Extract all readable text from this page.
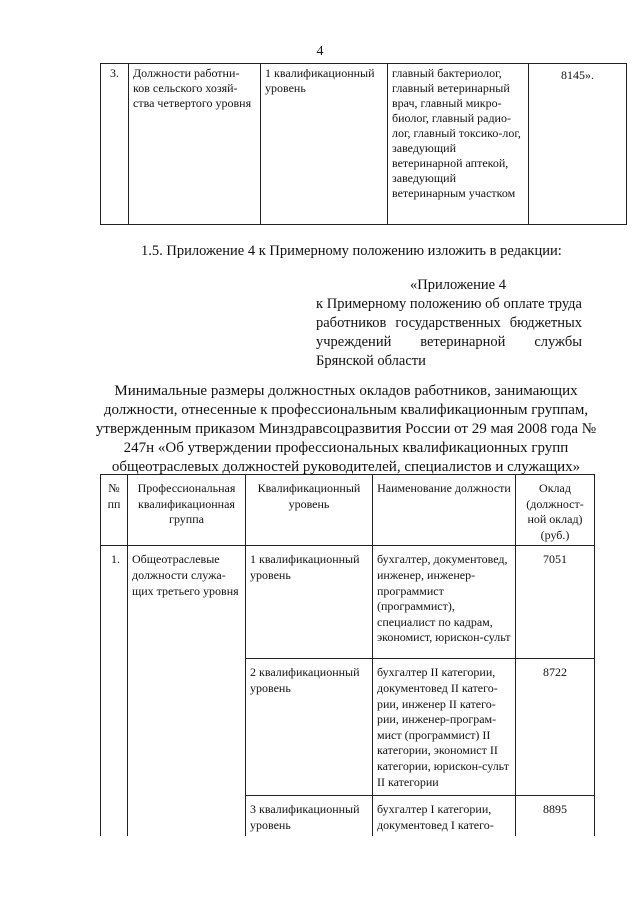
4
3.	Должности работни-ков сельского хозяй-ства четвертого уровня	1 квалификационный уровень	главный бактериолог, главный ветеринарный врач, главный микро-биолог, главный радио-лог, главный токсико-лог, заведующий ветеринарной аптекой, заведующий ветеринарным участком	8145».
1.5. Приложение 4 к Примерному положению изложить в редакции:
«Приложение 4
к Примерному положению об оплате труда работников государственных бюджетных учреждений ветеринарной службы Брянской области
Минимальные размеры должностных окладов работников, занимающих должности, отнесенные к профессиональным квалификационным группам, утвержденным приказом Минздравсоцразвития России от 29 мая 2008 года № 247н «Об утверждении профессиональных квалификационных групп общеотраслевых должностей руководителей, специалистов и служащих»
№ пп	Профессиональная квалификационная группа	Квалификационный уровень	Наименование должности	Оклад (должност-ной оклад) (руб.)
1.	Общеотраслевые должности служа-щих третьего уровня	1 квалификационный уровень	бухгалтер, документовед, инженер, инженер-программист (программист), специалист по кадрам, экономист, юрискон-сульт	7051
		2 квалификационный уровень	бухгалтер II категории, документовед II катего-рии, инженер II катего-рии, инженер-програм-мист (программист) II категории, экономист II категории, юрискон-сульт II категории	8722
		3 квалификационный уровень	бухгалтер I категории, документовед I катего-	8895
